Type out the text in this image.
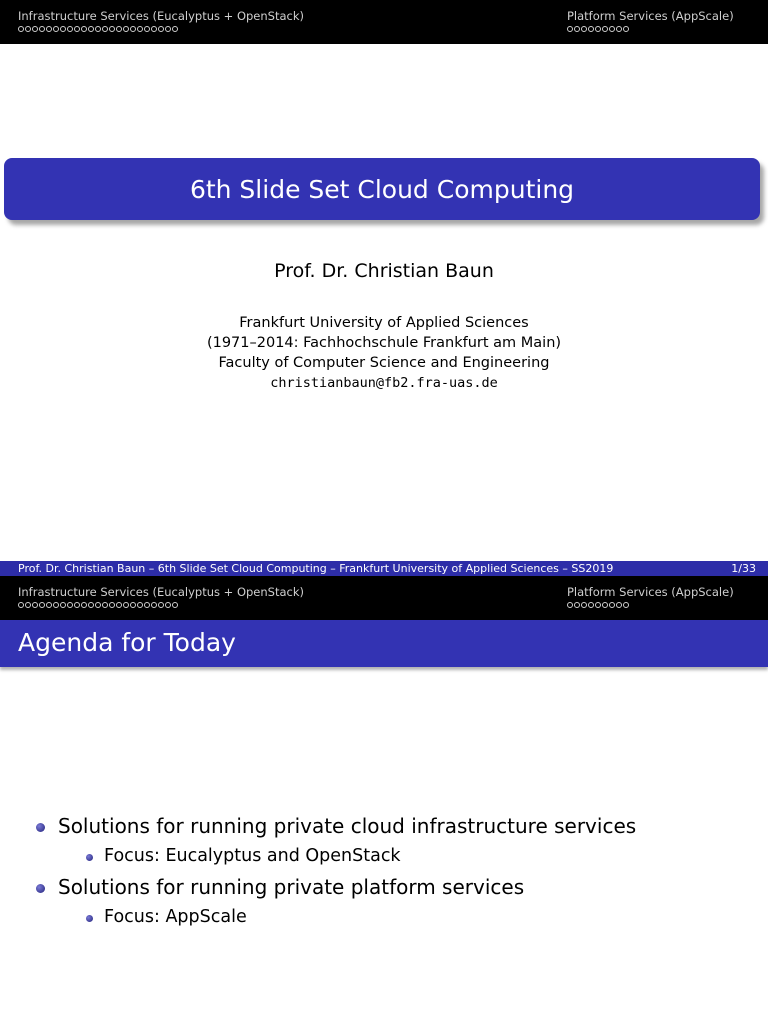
Infrastructure Services (Eucalyptus + OpenStack)	Platform Services (AppScale)
6th Slide Set Cloud Computing
Prof. Dr. Christian Baun
Frankfurt University of Applied Sciences
(1971–2014: Fachhochschule Frankfurt am Main)
Faculty of Computer Science and Engineering
christianbaun@fb2.fra-uas.de
Prof. Dr. Christian Baun – 6th Slide Set Cloud Computing – Frankfurt University of Applied Sciences – SS2019	1/33
Infrastructure Services (Eucalyptus + OpenStack)	Platform Services (AppScale)
Agenda for Today
Solutions for running private cloud infrastructure services
Focus: Eucalyptus and OpenStack
Solutions for running private platform services
Focus: AppScale
